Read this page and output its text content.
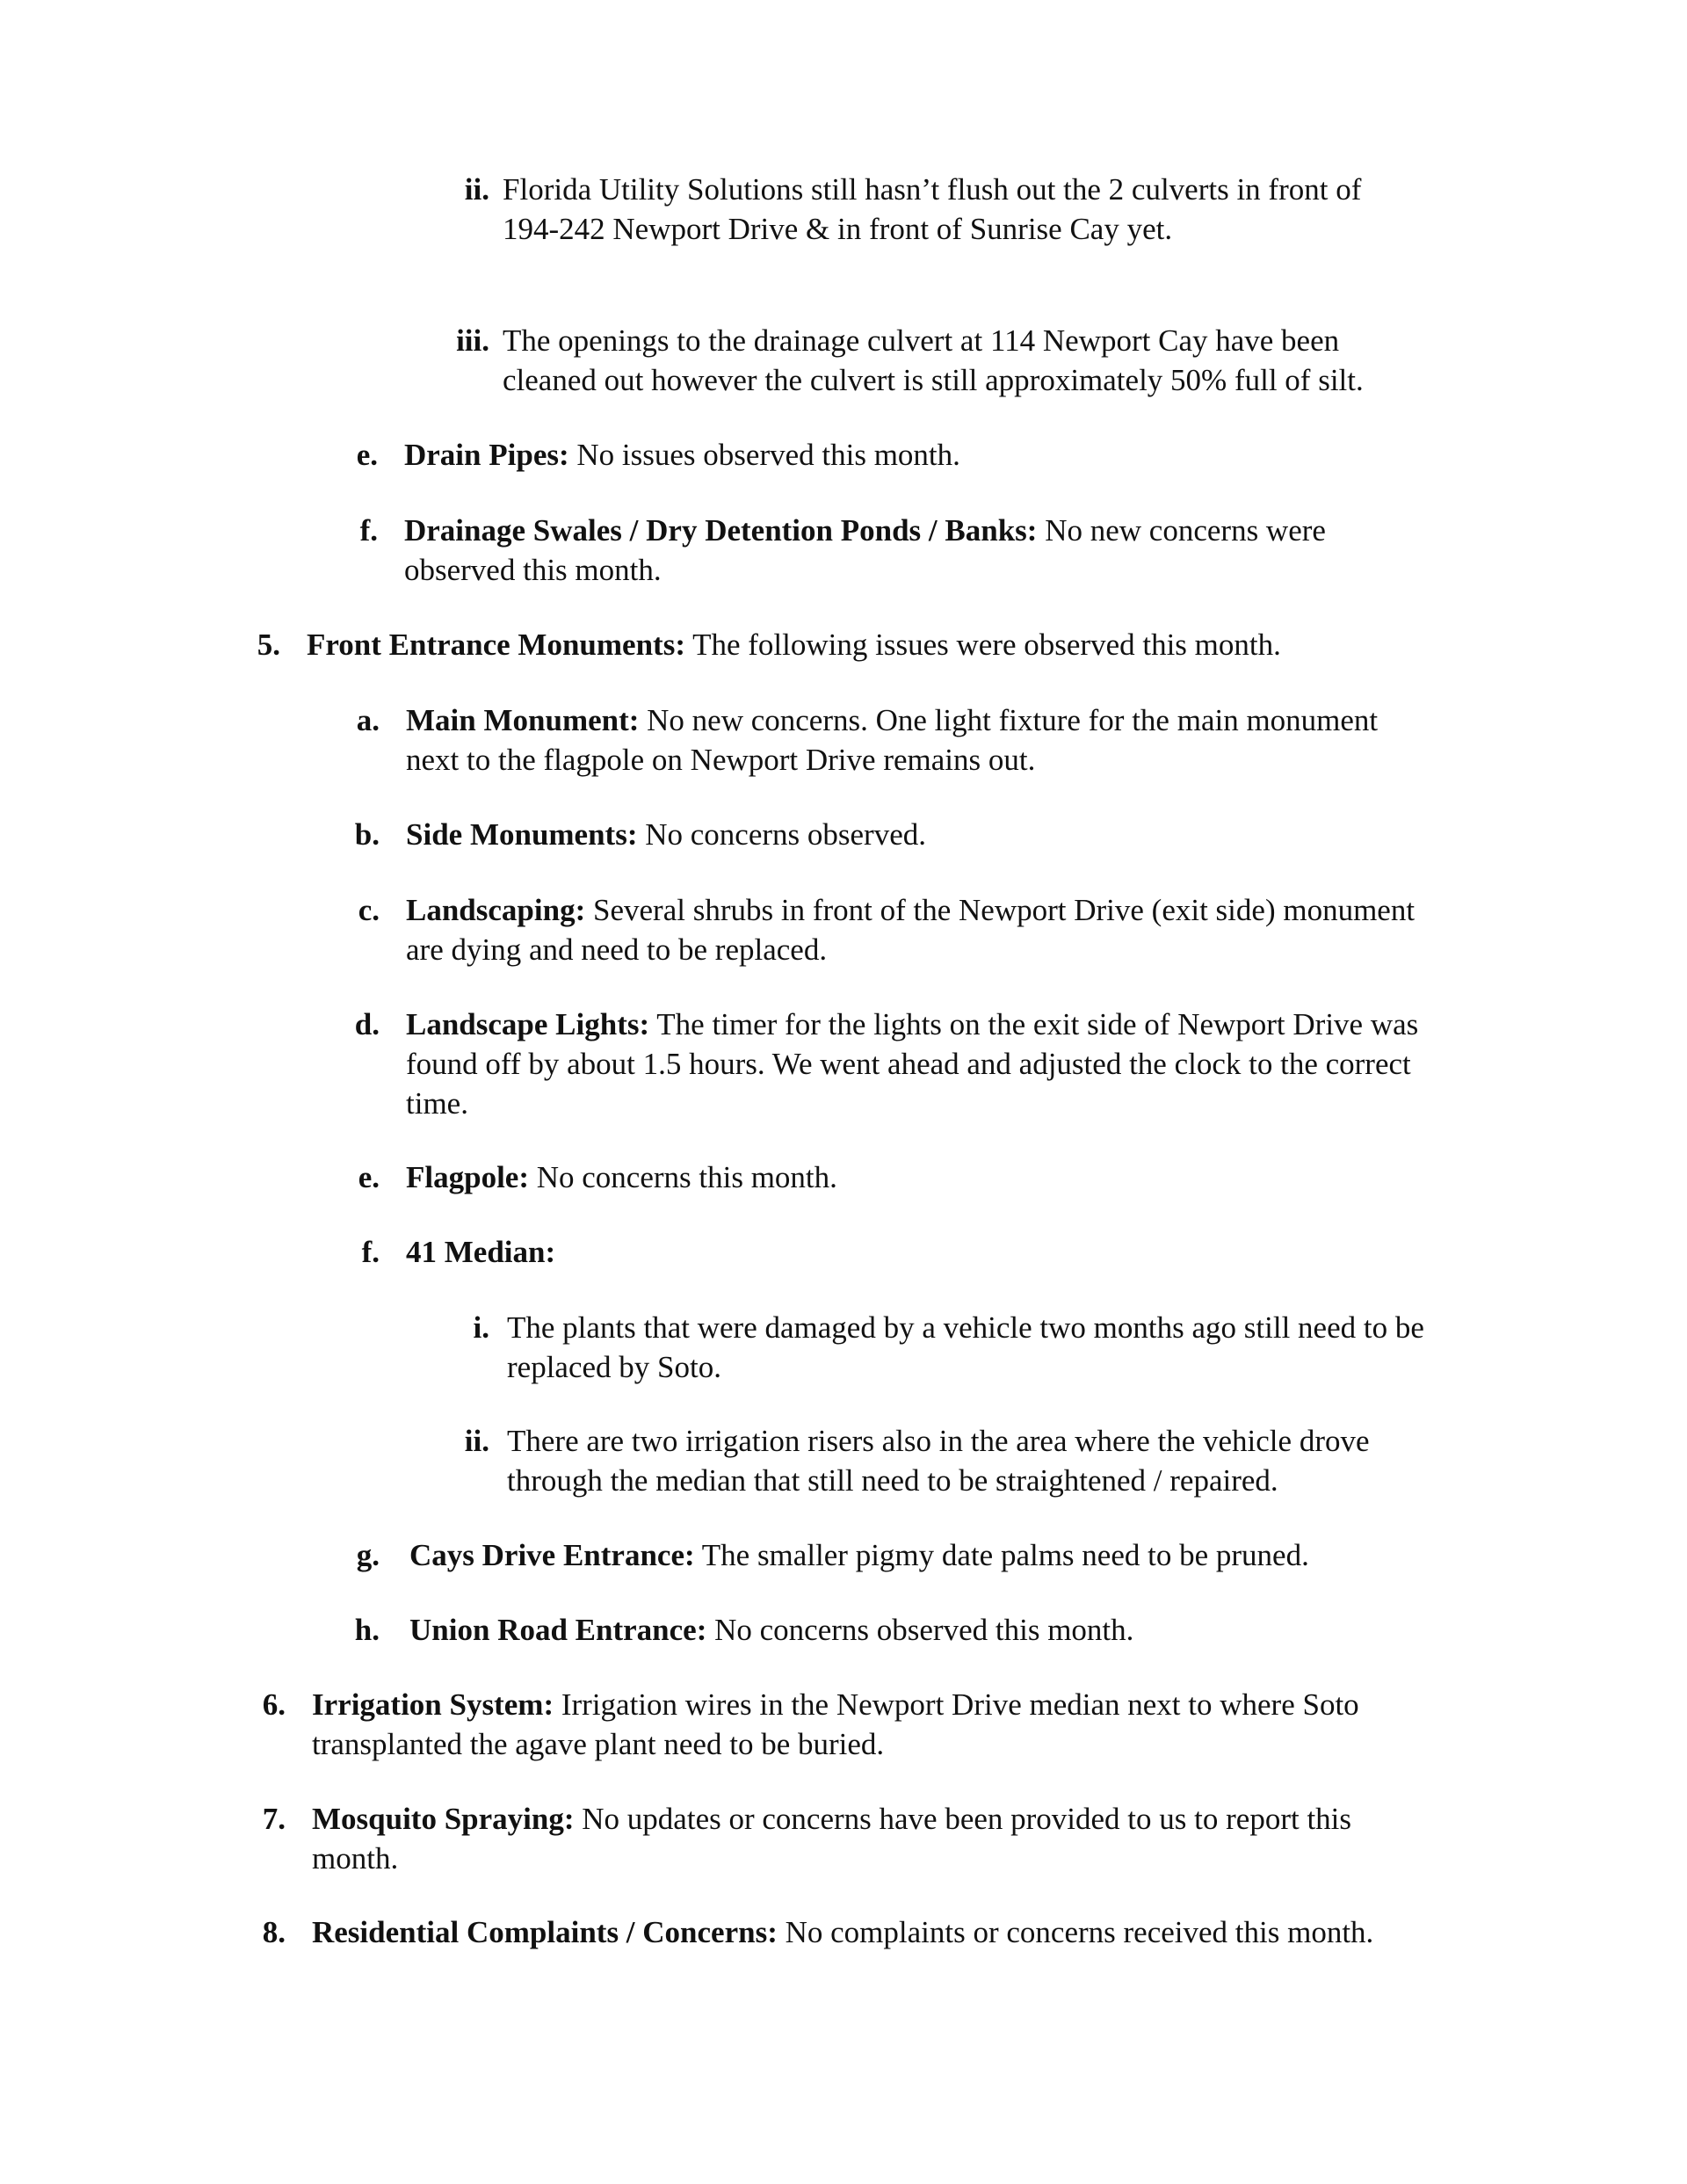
ii. Florida Utility Solutions still hasn’t flush out the 2 culverts in front of
194-242 Newport Drive & in front of Sunrise Cay yet.
iii. The openings to the drainage culvert at 114 Newport Cay have been
cleaned out however the culvert is still approximately 50% full of silt.
e. Drain Pipes: No issues observed this month.
f. Drainage Swales / Dry Detention Ponds / Banks: No new concerns were
observed this month.
5. Front Entrance Monuments: The following issues were observed this month.
a. Main Monument: No new concerns. One light fixture for the main monument
next to the flagpole on Newport Drive remains out.
b. Side Monuments: No concerns observed.
c. Landscaping: Several shrubs in front of the Newport Drive (exit side) monument
are dying and need to be replaced.
d. Landscape Lights: The timer for the lights on the exit side of Newport Drive was
found off by about 1.5 hours. We went ahead and adjusted the clock to the correct
time.
e. Flagpole: No concerns this month.
f. 41 Median:
i. The plants that were damaged by a vehicle two months ago still need to be
replaced by Soto.
ii. There are two irrigation risers also in the area where the vehicle drove
through the median that still need to be straightened / repaired.
g. Cays Drive Entrance: The smaller pigmy date palms need to be pruned.
h. Union Road Entrance: No concerns observed this month.
6. Irrigation System: Irrigation wires in the Newport Drive median next to where Soto
transplanted the agave plant need to be buried.
7. Mosquito Spraying: No updates or concerns have been provided to us to report this
month.
8. Residential Complaints / Concerns: No complaints or concerns received this month.
